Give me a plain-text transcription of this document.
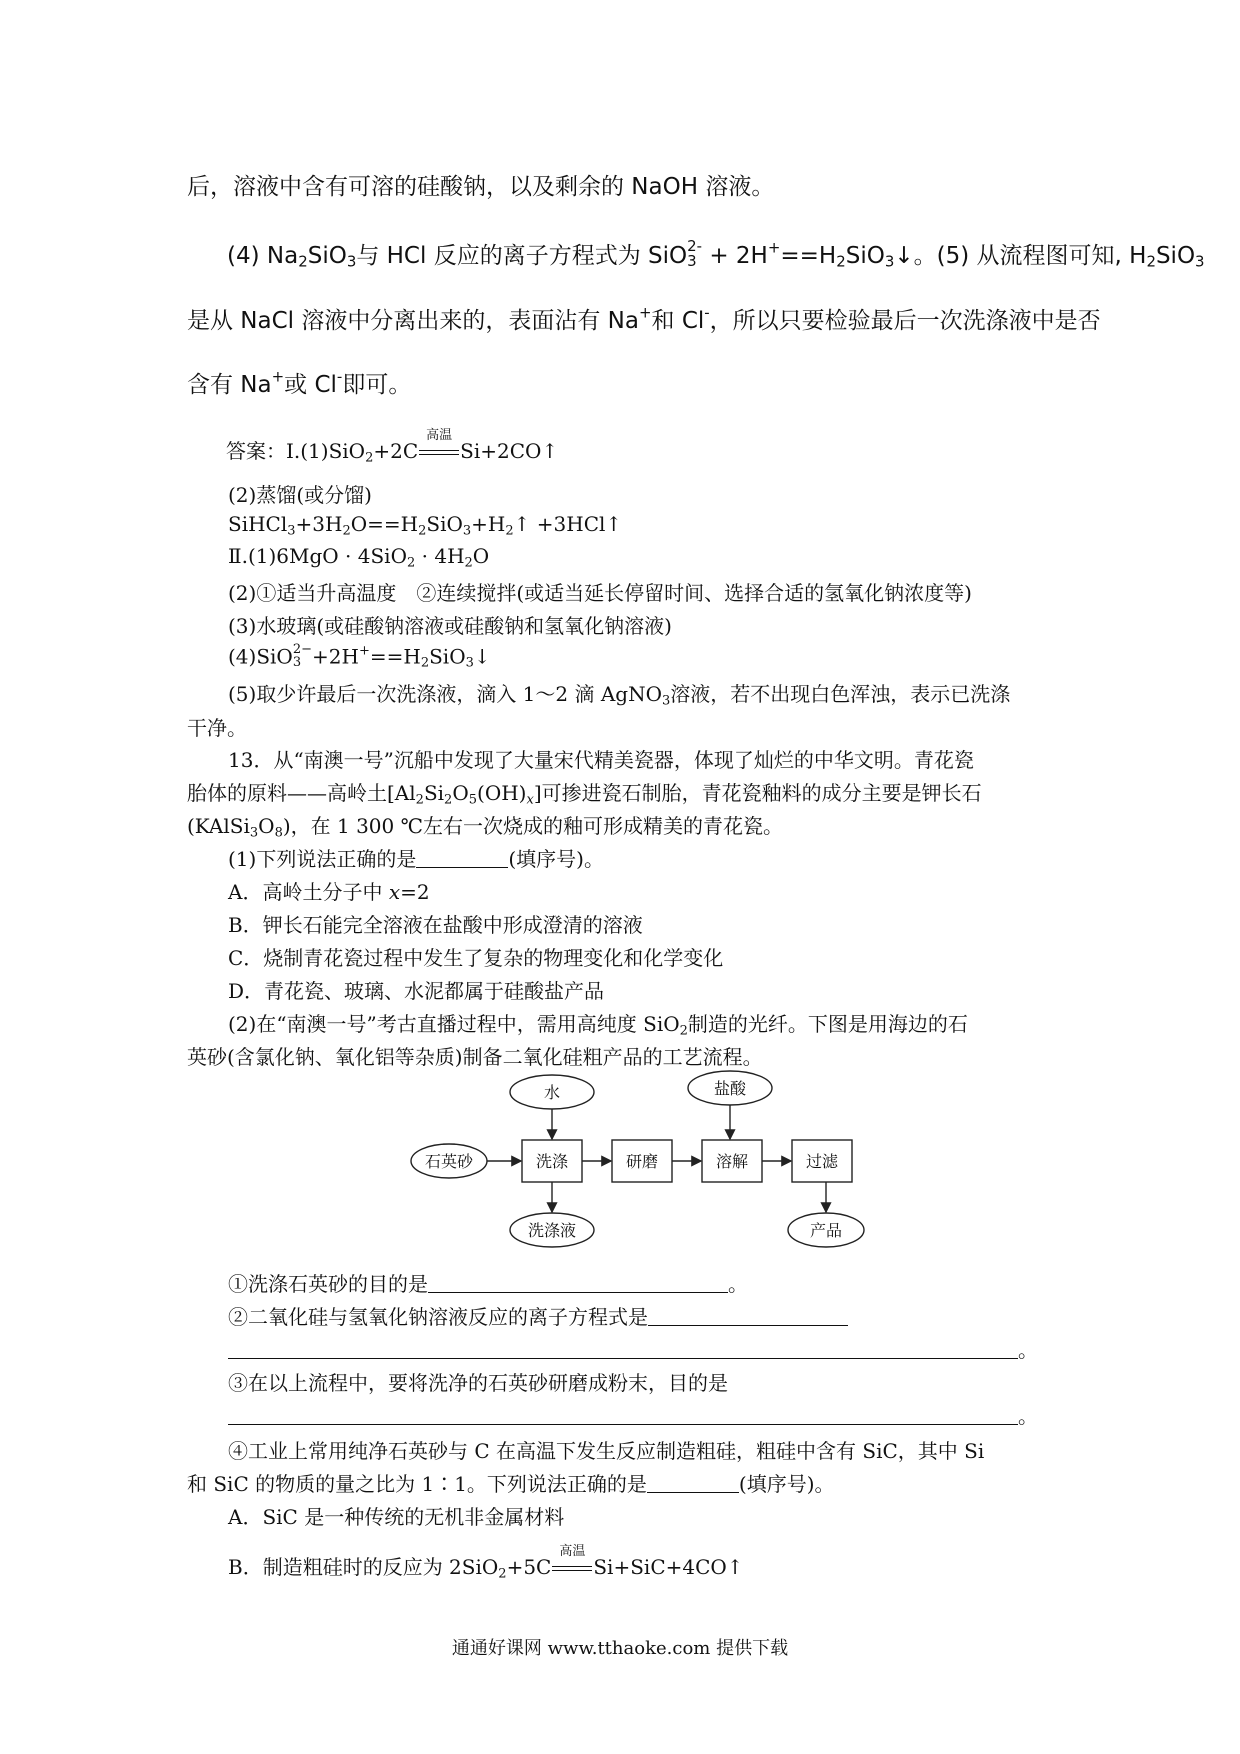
后，溶液中含有可溶的硅酸钠，以及剩余的 NaOH 溶液。
(4) $Na_2SiO_3$与 HCl 反应的离子方程式为 SiO 2-
$3 + 2H^+==H_2SiO_3↓$。(5) 从流程图可知, $H_2SiO_3$
是从 NaCl 溶液中分离出来的，表面沾有 Na+和 Cl-，所以只要检验最后一次洗涤液中是否
含有 Na+或 Cl-即可。
答案：Ⅰ.(1)SiO$_2$+2C
高温
Si+2CO↑
(2)蒸馏(或分馏)
$SiHCl_3+3H_2O==H_2SiO_3+H_2↑$ +3HCl↑
Ⅱ.(1)6MgO · $4SiO_2 \cdot 4H_2O$
(2)①适当升高温度　②连续搅拌(或适当延长停留时间、选择合适的氢氧化钠浓度等)
(3)水玻璃(或硅酸钠溶液或硅酸钠和氢氧化钠溶液)
(4)SiO 2−
$3 +2H^+==H_2SiO_3↓$
(5)取少许最后一次洗涤液，滴入 1～2 滴 AgNO$_3$溶液，若不出现白色浑浊，表示已洗涤
干净。
13．从“南澳一号”沉船中发现了大量宋代精美瓷器，体现了灿烂的中华文明。青花瓷
胎体的原料——高岭土$[Al_2Si_2O_5(OH)_x]$可掺进瓷石制胎，青花瓷釉料的成分主要是钾长石
$(KAlSi_3O_8)$，在 1 300 ℃左右一次烧成的釉可形成精美的青花瓷。
(1)下列说法正确的是	(填序号)。
A．高岭土分子中 x=2
B．钾长石能完全溶液在盐酸中形成澄清的溶液
C．烧制青花瓷过程中发生了复杂的物理变化和化学变化
D．青花瓷、玻璃、水泥都属于硅酸盐产品
(2)在“南澳一号”考古直播过程中，需用高纯度 SiO$_2$制造的光纤。下图是用海边的石
英砂(含氯化钠、氧化铝等杂质)制备二氧化硅粗产品的工艺流程。
水	盐酸
石英砂	洗涤	研磨	溶解	过滤
洗涤液	产品
①洗涤石英砂的目的是	。
②二氧化硅与氢氧化钠溶液反应的离子方程式是
。
③在以上流程中，要将洗净的石英砂研磨成粉末，目的是
。
④工业上常用纯净石英砂与 C 在高温下发生反应制造粗硅，粗硅中含有 SiC，其中 Si
和 SiC 的物质的量之比为 1∶1。下列说法正确的是	(填序号)。
A．SiC 是一种传统的无机非金属材料
B．制造粗硅时的反应为 2SiO$_2$+5C
高温
Si+SiC+4CO↑
通通好课网 www.tthaoke.com 提供下载
